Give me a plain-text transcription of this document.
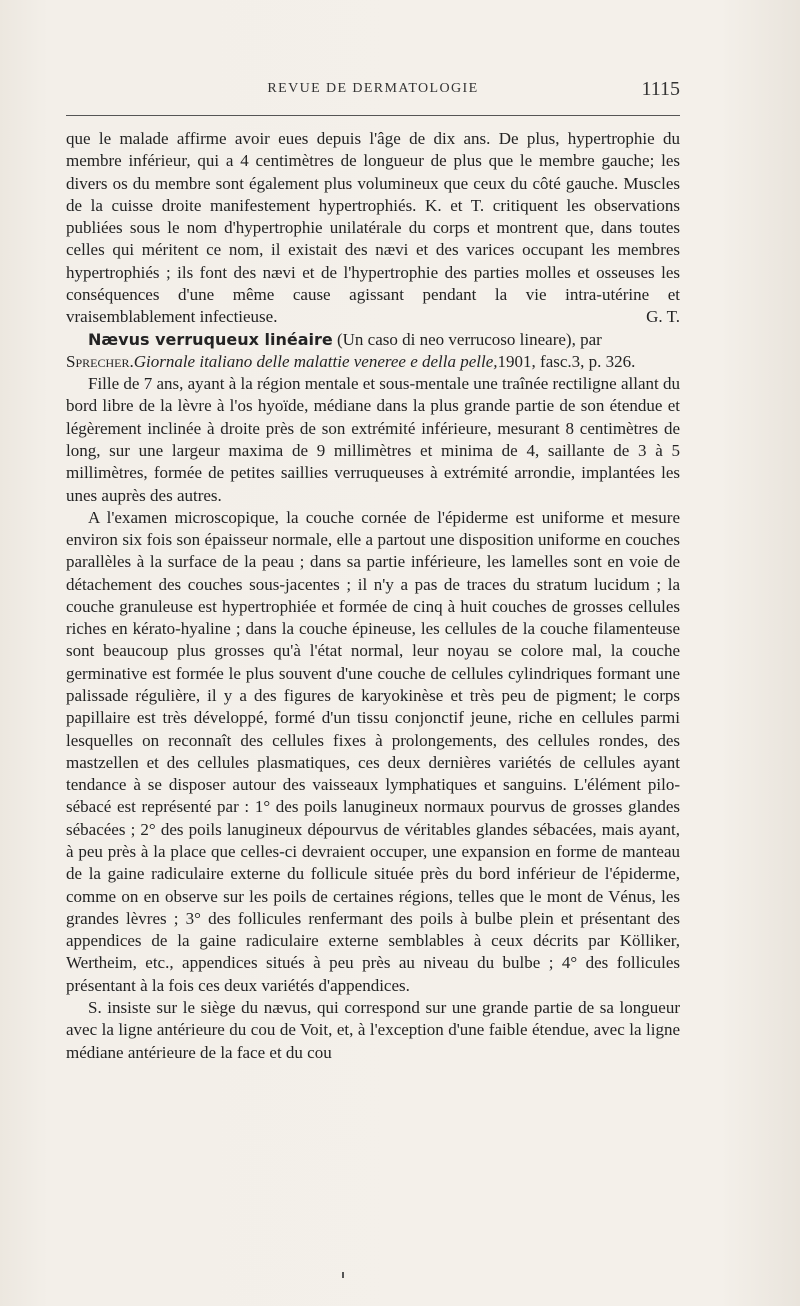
REVUE DE DERMATOLOGIE	1115

que le malade affirme avoir eues depuis l'âge de dix ans. De plus, hypertrophie du membre inférieur, qui a 4 centimètres de longueur de plus que le membre gauche; les divers os du membre sont également plus volumineux que ceux du côté gauche. Muscles de la cuisse droite manifestement hypertrophiés. K. et T. critiquent les observations publiées sous le nom d'hypertrophie unilatérale du corps et montrent que, dans toutes celles qui méritent ce nom, il existait des nævi et des varices occupant les membres hypertrophiés ; ils font des nævi et de l'hypertrophie des parties molles et osseuses les conséquences d'une même cause agissant pendant la vie intra-utérine et vraisemblablement infectieuse.	G. T.

Nævus verruqueux linéaire (Un caso di neo verrucoso lineare), par Sprecher.Giornale italiano delle malattie veneree e della pelle,1901, fasc.3, p. 326.

Fille de 7 ans, ayant à la région mentale et sous-mentale une traînée rectiligne allant du bord libre de la lèvre à l'os hyoïde, médiane dans la plus grande partie de son étendue et légèrement inclinée à droite près de son extrémité inférieure, mesurant 8 centimètres de long, sur une largeur maxima de 9 millimètres et minima de 4, saillante de 3 à 5 millimètres, formée de petites saillies verruqueuses à extrémité arrondie, implantées les unes auprès des autres.

A l'examen microscopique, la couche cornée de l'épiderme est uniforme et mesure environ six fois son épaisseur normale, elle a partout une disposition uniforme en couches parallèles à la surface de la peau ; dans sa partie inférieure, les lamelles sont en voie de détachement des couches sous-jacentes ; il n'y a pas de traces du stratum lucidum ; la couche granuleuse est hypertrophiée et formée de cinq à huit couches de grosses cellules riches en kérato-hyaline ; dans la couche épineuse, les cellules de la couche filamenteuse sont beaucoup plus grosses qu'à l'état normal, leur noyau se colore mal, la couche germinative est formée le plus souvent d'une couche de cellules cylindriques formant une palissade régulière, il y a des figures de karyokinèse et très peu de pigment; le corps papillaire est très développé, formé d'un tissu conjonctif jeune, riche en cellules parmi lesquelles on reconnaît des cellules fixes à prolongements, des cellules rondes, des mastzellen et des cellules plasmatiques, ces deux dernières variétés de cellules ayant tendance à se disposer autour des vaisseaux lymphatiques et sanguins. L'élément pilo-sébacé est représenté par : 1° des poils lanugineux normaux pourvus de grosses glandes sébacées ; 2° des poils lanugineux dépourvus de véritables glandes sébacées, mais ayant, à peu près à la place que celles-ci devraient occuper, une expansion en forme de manteau de la gaine radiculaire externe du follicule située près du bord inférieur de l'épiderme, comme on en observe sur les poils de certaines régions, telles que le mont de Vénus, les grandes lèvres ; 3° des follicules renfermant des poils à bulbe plein et présentant des appendices de la gaine radiculaire externe semblables à ceux décrits par Kölliker, Wertheim, etc., appendices situés à peu près au niveau du bulbe ; 4° des follicules présentant à la fois ces deux variétés d'appendices.

S. insiste sur le siège du nævus, qui correspond sur une grande partie de sa longueur avec la ligne antérieure du cou de Voit, et, à l'exception d'une faible étendue, avec la ligne médiane antérieure de la face et du cou
